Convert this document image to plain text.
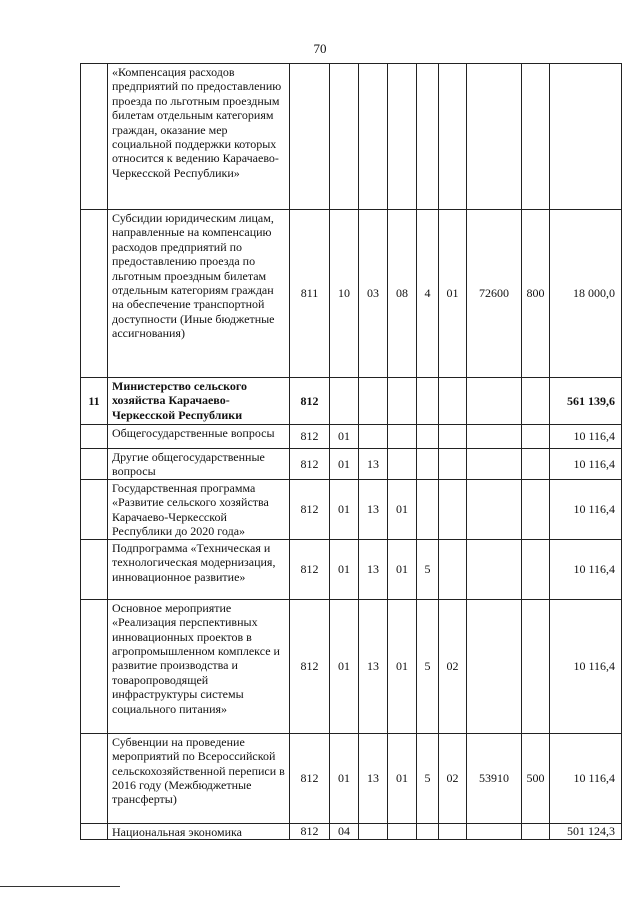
70
	«Компенсация расходов предприятий по предоставлению проезда по льготным проездным билетам отдельным категориям граждан, оказание мер социальной поддержки которых относится к ведению Карачаево-Черкесской Республики»									
	Субсидии юридическим лицам, направленные на компенсацию расходов предприятий по предоставлению проезда по льготным проездным билетам отдельным категориям граждан на обеспечение транспортной доступности (Иные бюджетные ассигнования)	811	10	03	08	4	01	72600	800	18 000,0
11	Министерство сельского хозяйства Карачаево-Черкесской Республики	812								561 139,6
	Общегосударственные вопросы	812	01							10 116,4
	Другие общегосударственные вопросы	812	01	13						10 116,4
	Государственная программа «Развитие сельского хозяйства Карачаево-Черкесской Республики до 2020 года»	812	01	13	01					10 116,4
	Подпрограмма «Техническая и технологическая модернизация, инновационное развитие»	812	01	13	01	5				10 116,4
	Основное мероприятие «Реализация перспективных инновационных проектов в агропромышленном комплексе и развитие производства и товаропроводящей инфраструктуры системы социального питания»	812	01	13	01	5	02			10 116,4
	Субвенции на проведение мероприятий по Всероссийской сельскохозяйственной переписи в 2016 году (Межбюджетные трансферты)	812	01	13	01	5	02	53910	500	10 116,4
	Национальная экономика	812	04							501 124,3
